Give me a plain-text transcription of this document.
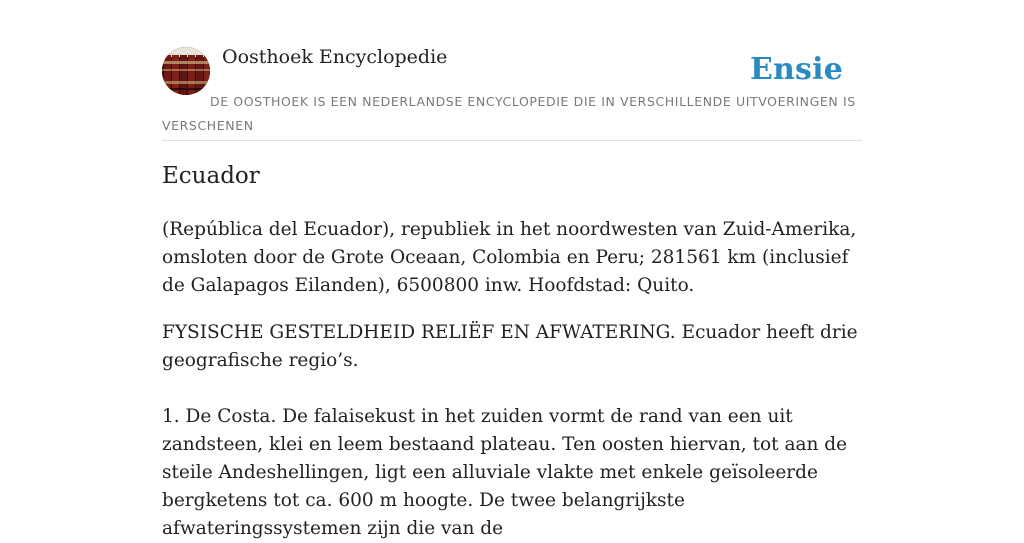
Oosthoek Encyclopedie	Ensie
DE OOSTHOEK IS EEN NEDERLANDSE ENCYCLOPEDIE DIE IN VERSCHILLENDE UITVOERINGEN IS VERSCHENEN
Ecuador

(República del Ecuador), republiek in het noordwesten van Zuid-Amerika, omsloten door de Grote Oceaan, Colombia en Peru; 281561 km (inclusief de Galapagos Eilanden), 6500800 inw. Hoofdstad: Quito.

FYSISCHE GESTELDHEID RELIËF EN AFWATERING. Ecuador heeft drie geografische regio’s.

1. De Costa. De falaisekust in het zuiden vormt de rand van een uit zandsteen, klei en leem bestaand plateau. Ten oosten hiervan, tot aan de steile Andeshellingen, ligt een alluviale vlakte met enkele geïsoleerde bergketens tot ca. 600 m hoogte. De twee belangrijkste afwateringssystemen zijn die van de
